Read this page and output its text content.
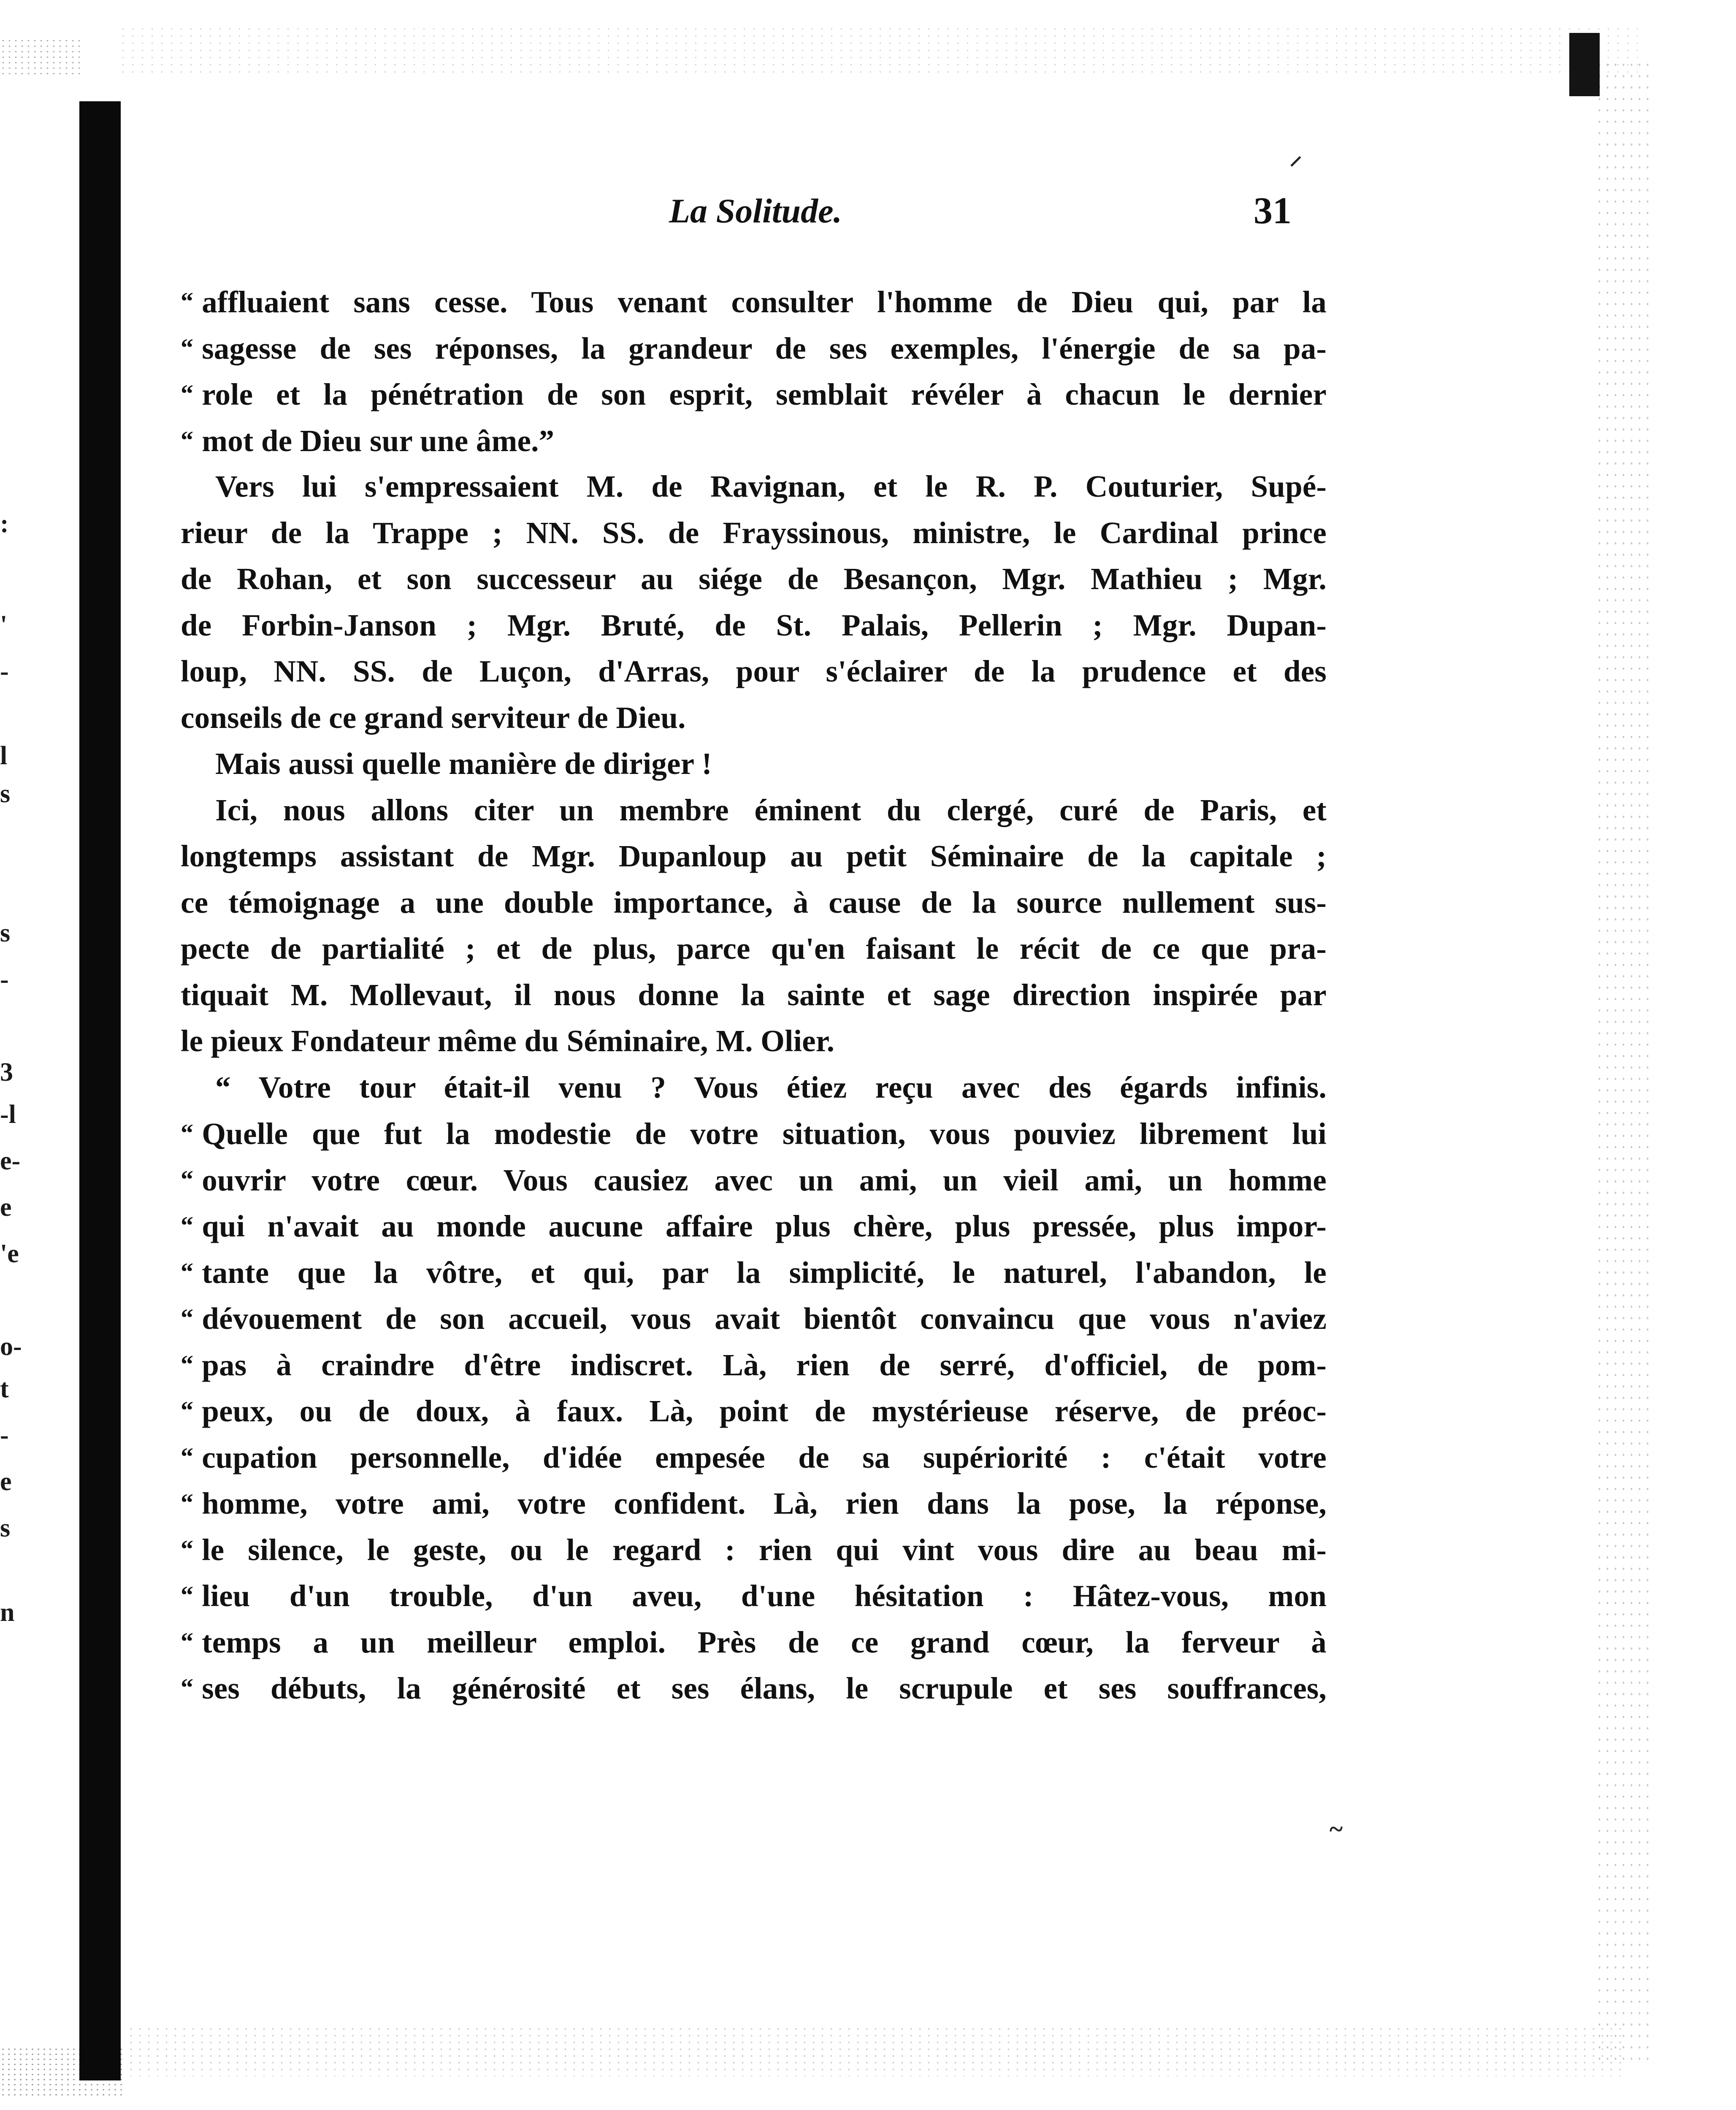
:
'
-
l
s
s
-
3
-l
e-
e
'e
o-
t
-
e
s
n
La Solitude.	31
“ affluaient sans cesse. Tous venant consulter l'homme de Dieu qui, par la
“ sagesse de ses réponses, la grandeur de ses exemples, l'énergie de sa pa-
“ role et la pénétration de son esprit, semblait révéler à chacun le dernier
“ mot de Dieu sur une âme.”
Vers lui s'empressaient M. de Ravignan, et le R. P. Couturier, Supé-
rieur de la Trappe ; NN. SS. de Frayssinous, ministre, le Cardinal prince
de Rohan, et son successeur au siége de Besançon, Mgr. Mathieu ; Mgr.
de Forbin-Janson ; Mgr. Bruté, de St. Palais, Pellerin ; Mgr. Dupan-
loup, NN. SS. de Luçon, d'Arras, pour s'éclairer de la prudence et des
conseils de ce grand serviteur de Dieu.
Mais aussi quelle manière de diriger !
Ici, nous allons citer un membre éminent du clergé, curé de Paris, et
longtemps assistant de Mgr. Dupanloup au petit Séminaire de la capitale ;
ce témoignage a une double importance, à cause de la source nullement sus-
pecte de partialité ; et de plus, parce qu'en faisant le récit de ce que pra-
tiquait M. Mollevaut, il nous donne la sainte et sage direction inspirée par
le pieux Fondateur même du Séminaire, M. Olier.
“ Votre tour était-il venu ? Vous étiez reçu avec des égards infinis.
“ Quelle que fut la modestie de votre situation, vous pouviez librement lui
“ ouvrir votre cœur. Vous causiez avec un ami, un vieil ami, un homme
“ qui n'avait au monde aucune affaire plus chère, plus pressée, plus impor-
“ tante que la vôtre, et qui, par la simplicité, le naturel, l'abandon, le
“ dévouement de son accueil, vous avait bientôt convaincu que vous n'aviez
“ pas à craindre d'être indiscret. Là, rien de serré, d'officiel, de pom-
“ peux, ou de doux, à faux. Là, point de mystérieuse réserve, de préoc-
“ cupation personnelle, d'idée empesée de sa supériorité : c'était votre
“ homme, votre ami, votre confident. Là, rien dans la pose, la réponse,
“ le silence, le geste, ou le regard : rien qui vint vous dire au beau mi-
“ lieu d'un trouble, d'un aveu, d'une hésitation : Hâtez-vous, mon
“ temps a un meilleur emploi. Près de ce grand cœur, la ferveur à
“ ses débuts, la générosité et ses élans, le scrupule et ses souffrances,
⸍
~
